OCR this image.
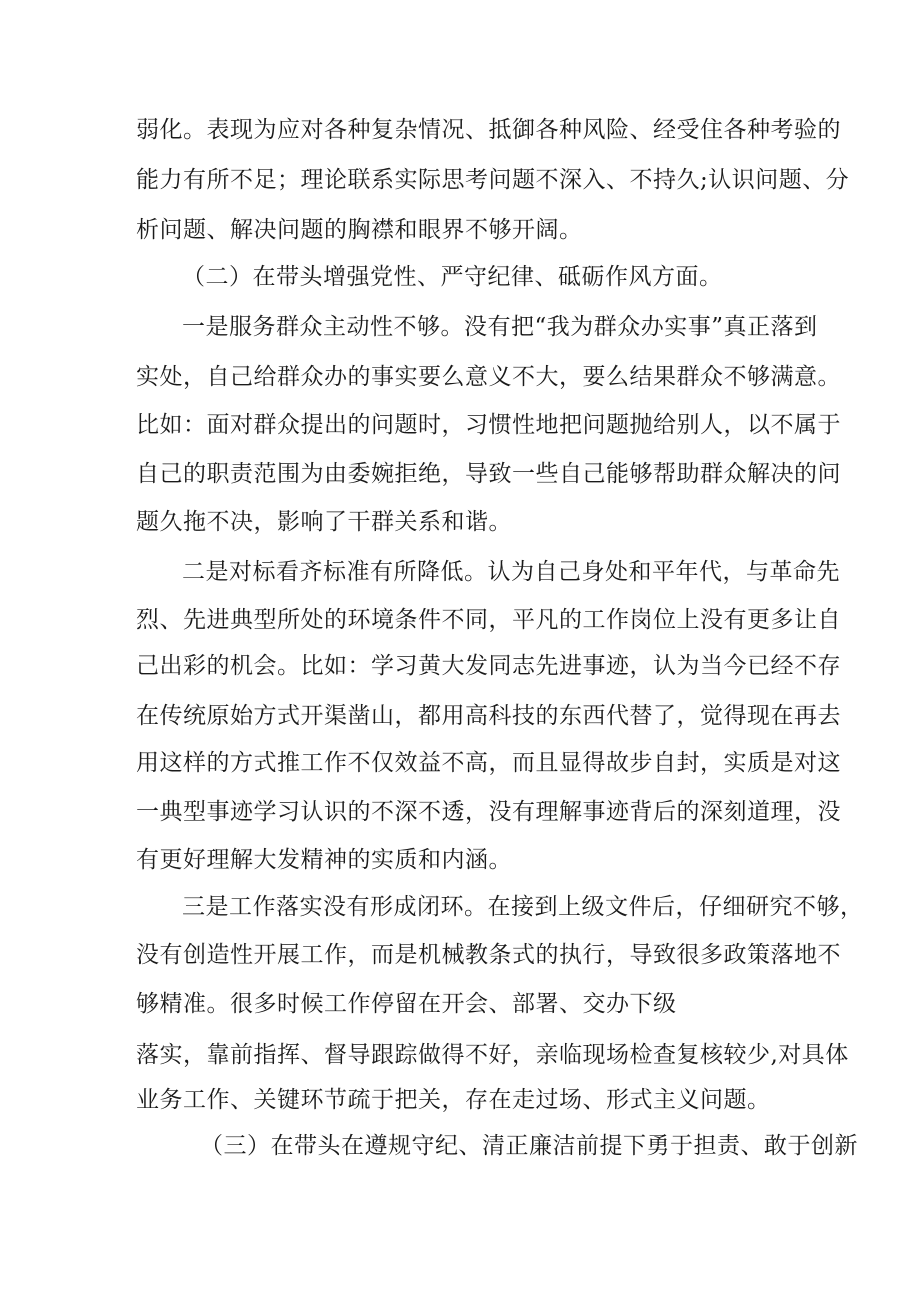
弱化。表现为应对各种复杂情况、抵御各种风险、经受住各种考验的

能力有所不足；理论联系实际思考问题不深入、不持久;认识问题、分

析问题、解决问题的胸襟和眼界不够开阔。

（二）在带头增强党性、严守纪律、砥砺作风方面。

一是服务群众主动性不够。没有把“我为群众办实事”真正落到

实处，自己给群众办的事实要么意义不大，要么结果群众不够满意。

比如：面对群众提出的问题时，习惯性地把问题抛给别人，以不属于

自己的职责范围为由委婉拒绝，导致一些自己能够帮助群众解决的问

题久拖不决，影响了干群关系和谐。

二是对标看齐标准有所降低。认为自己身处和平年代，与革命先

烈、先进典型所处的环境条件不同，平凡的工作岗位上没有更多让自

己出彩的机会。比如：学习黄大发同志先进事迹，认为当今已经不存

在传统原始方式开渠凿山，都用高科技的东西代替了，觉得现在再去

用这样的方式推工作不仅效益不高，而且显得故步自封，实质是对这

一典型事迹学习认识的不深不透，没有理解事迹背后的深刻道理，没

有更好理解大发精神的实质和内涵。

三是工作落实没有形成闭环。在接到上级文件后，仔细研究不够，

没有创造性开展工作，而是机械教条式的执行，导致很多政策落地不

够精准。很多时候工作停留在开会、部署、交办下级

落实，靠前指挥、督导跟踪做得不好，亲临现场检查复核较少,对具体

业务工作、关键环节疏于把关，存在走过场、形式主义问题。

（三）在带头在遵规守纪、清正廉洁前提下勇于担责、敢于创新
